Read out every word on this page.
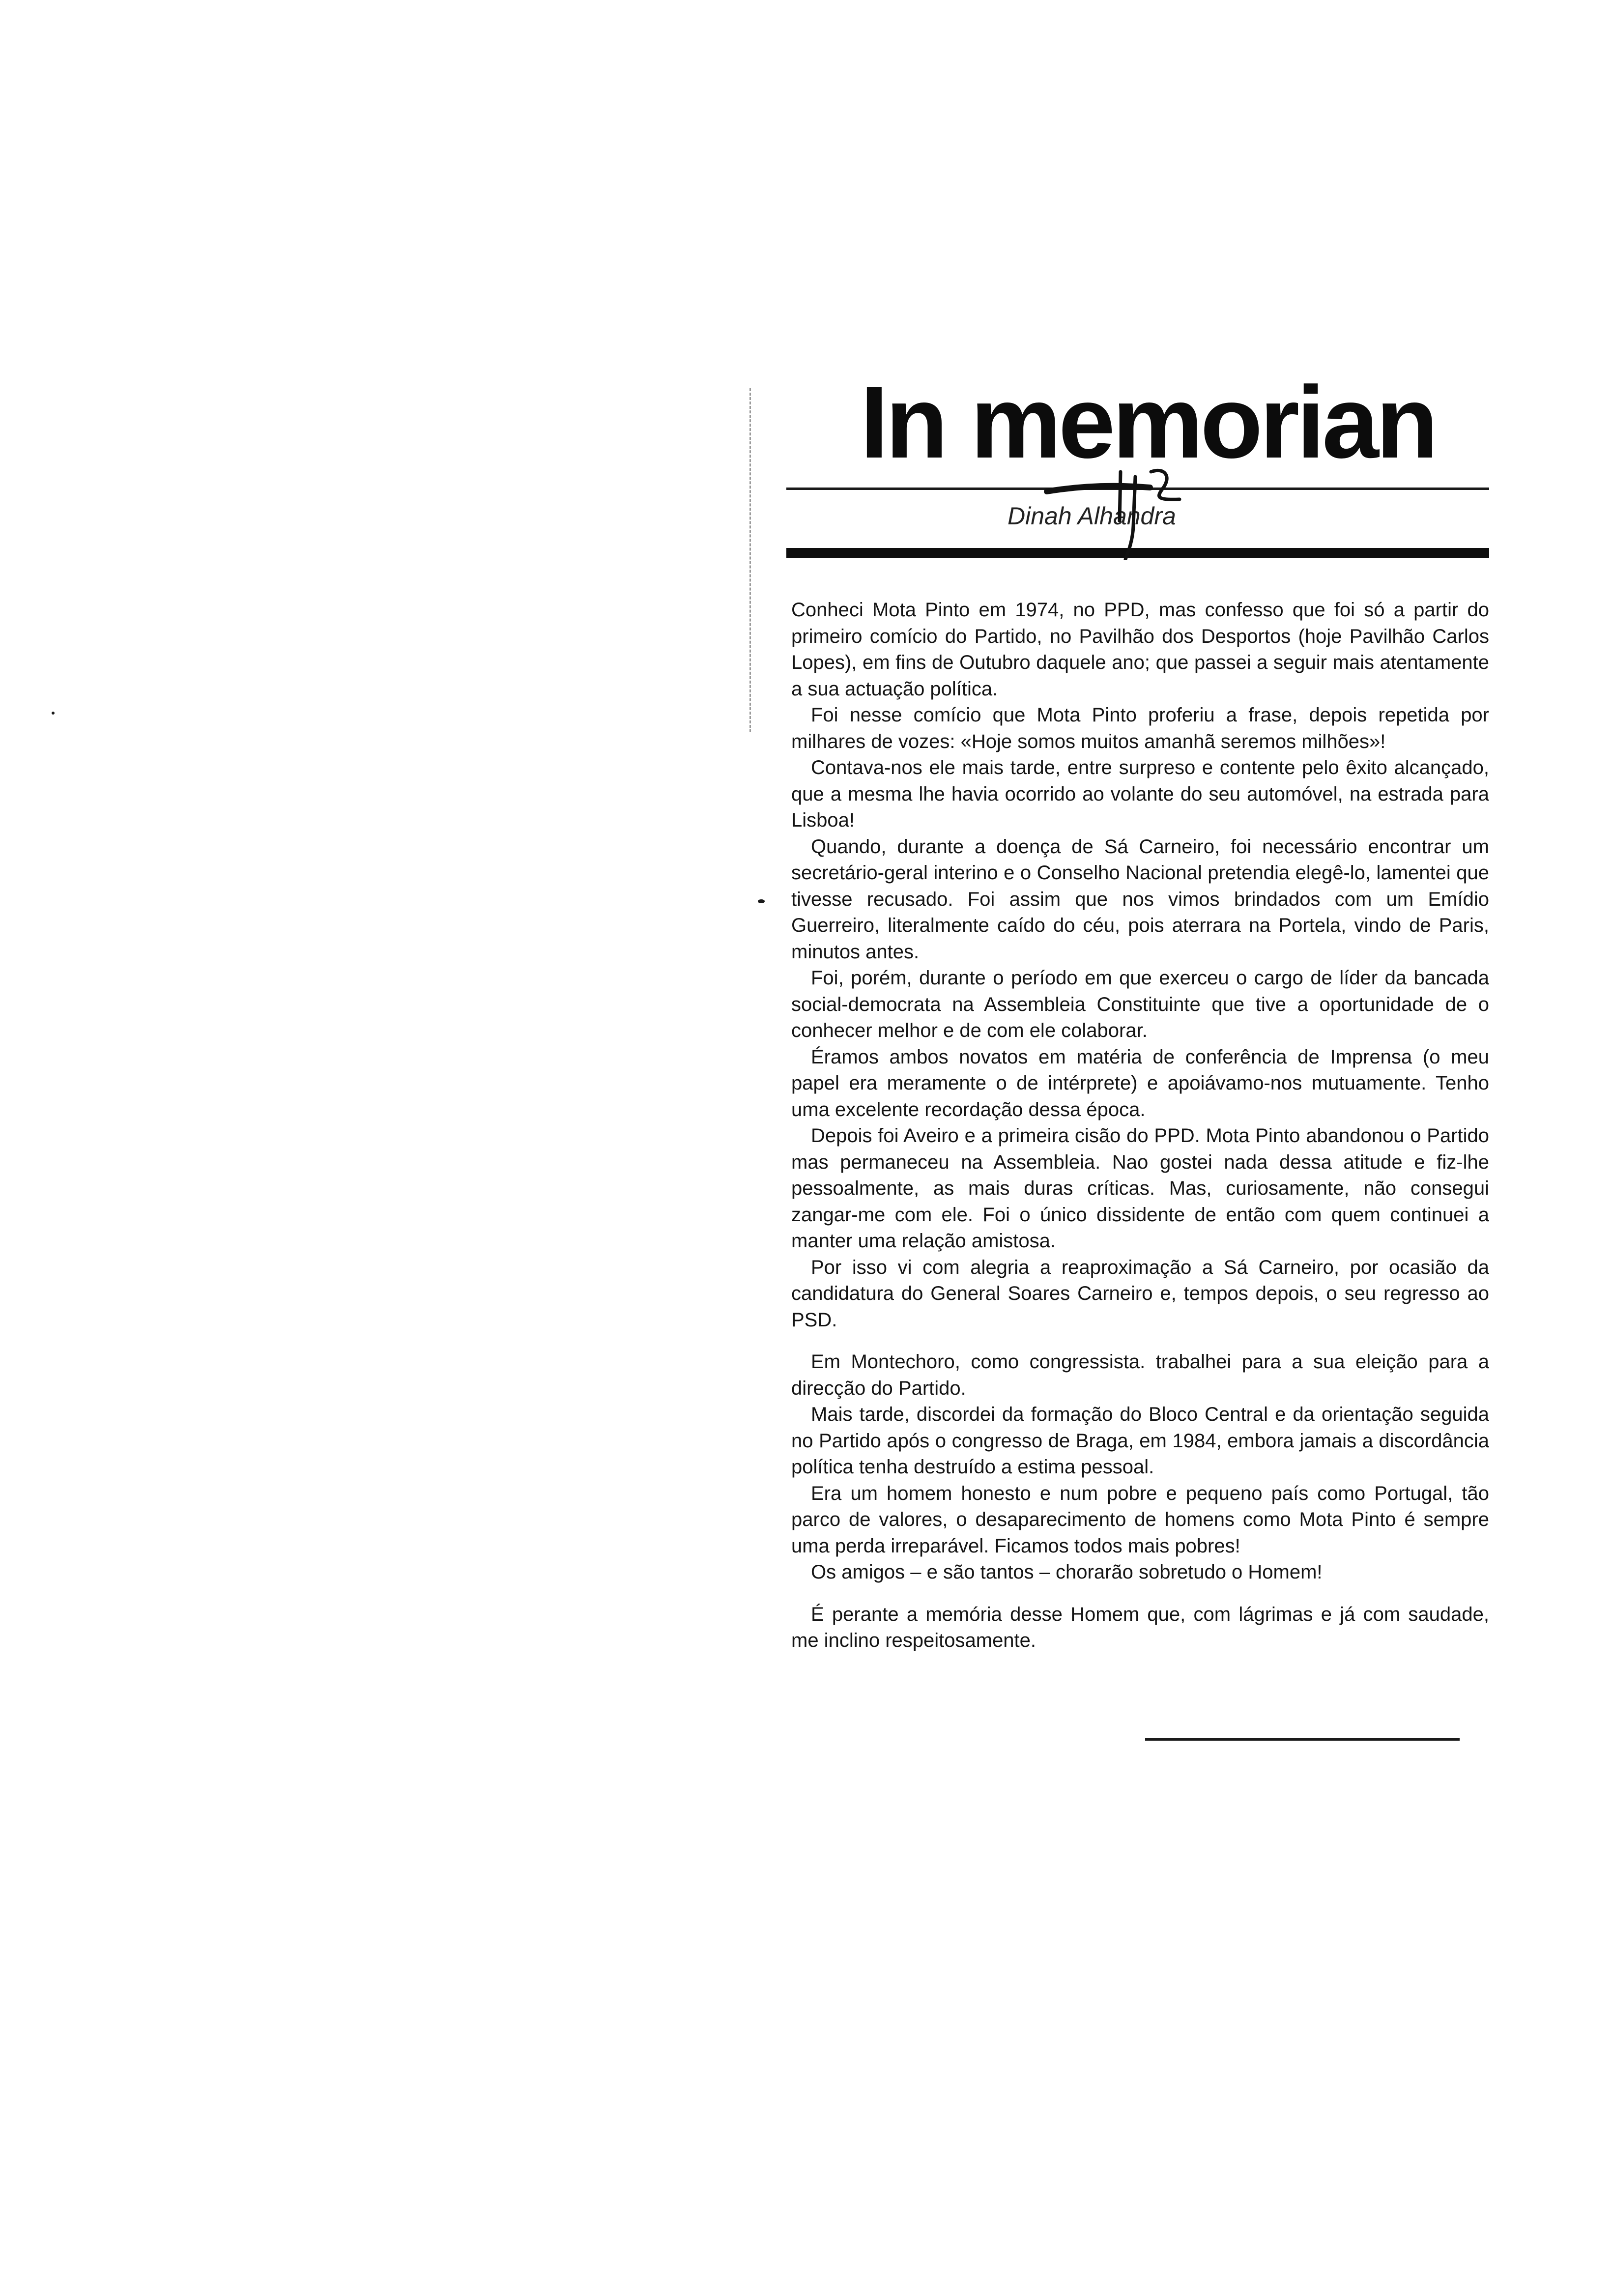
In memorian

Dinah Alhandra

Conheci Mota Pinto em 1974, no PPD, mas confesso que foi só a partir do primeiro comício do Partido, no Pavilhão dos Desportos (hoje Pavilhão Carlos Lopes), em fins de Outubro daquele ano; que passei a seguir mais atentamente a sua actuação política.

Foi nesse comício que Mota Pinto proferiu a frase, depois repetida por milhares de vozes: «Hoje somos muitos amanhã seremos milhões»!

Contava-nos ele mais tarde, entre surpreso e contente pelo êxito alcançado, que a mesma lhe havia ocorrido ao volante do seu automóvel, na estrada para Lisboa!

Quando, durante a doença de Sá Carneiro, foi necessário encontrar um secretário-geral interino e o Conselho Nacional pretendia elegê-lo, lamentei que tivesse recusado. Foi assim que nos vimos brindados com um Emídio Guerreiro, literalmente caído do céu, pois aterrara na Portela, vindo de Paris, minutos antes.

Foi, porém, durante o período em que exerceu o cargo de líder da bancada social-democrata na Assembleia Constituinte que tive a oportunidade de o conhecer melhor e de com ele colaborar.

Éramos ambos novatos em matéria de conferência de Imprensa (o meu papel era meramente o de intérprete) e apoiávamo-nos mutuamente. Tenho uma excelente recordação dessa época.

Depois foi Aveiro e a primeira cisão do PPD. Mota Pinto abandonou o Partido mas permaneceu na Assembleia. Nao gostei nada dessa atitude e fiz-lhe pessoalmente, as mais duras críticas. Mas, curiosamente, não consegui zangar-me com ele. Foi o único dissidente de então com quem continuei a manter uma relação amistosa.

Por isso vi com alegria a reaproximação a Sá Carneiro, por ocasião da candidatura do General Soares Carneiro e, tempos depois, o seu regresso ao PSD.

Em Montechoro, como congressista. trabalhei para a sua eleição para a direcção do Partido.

Mais tarde, discordei da formação do Bloco Central e da orientação seguida no Partido após o congresso de Braga, em 1984, embora jamais a discordância política tenha destruído a estima pessoal.

Era um homem honesto e num pobre e pequeno país como Portugal, tão parco de valores, o desaparecimento de homens como Mota Pinto é sempre uma perda irreparável. Ficamos todos mais pobres!

Os amigos – e são tantos – chorarão sobretudo o Homem!

É perante a memória desse Homem que, com lágrimas e já com saudade, me inclino respeitosamente.
